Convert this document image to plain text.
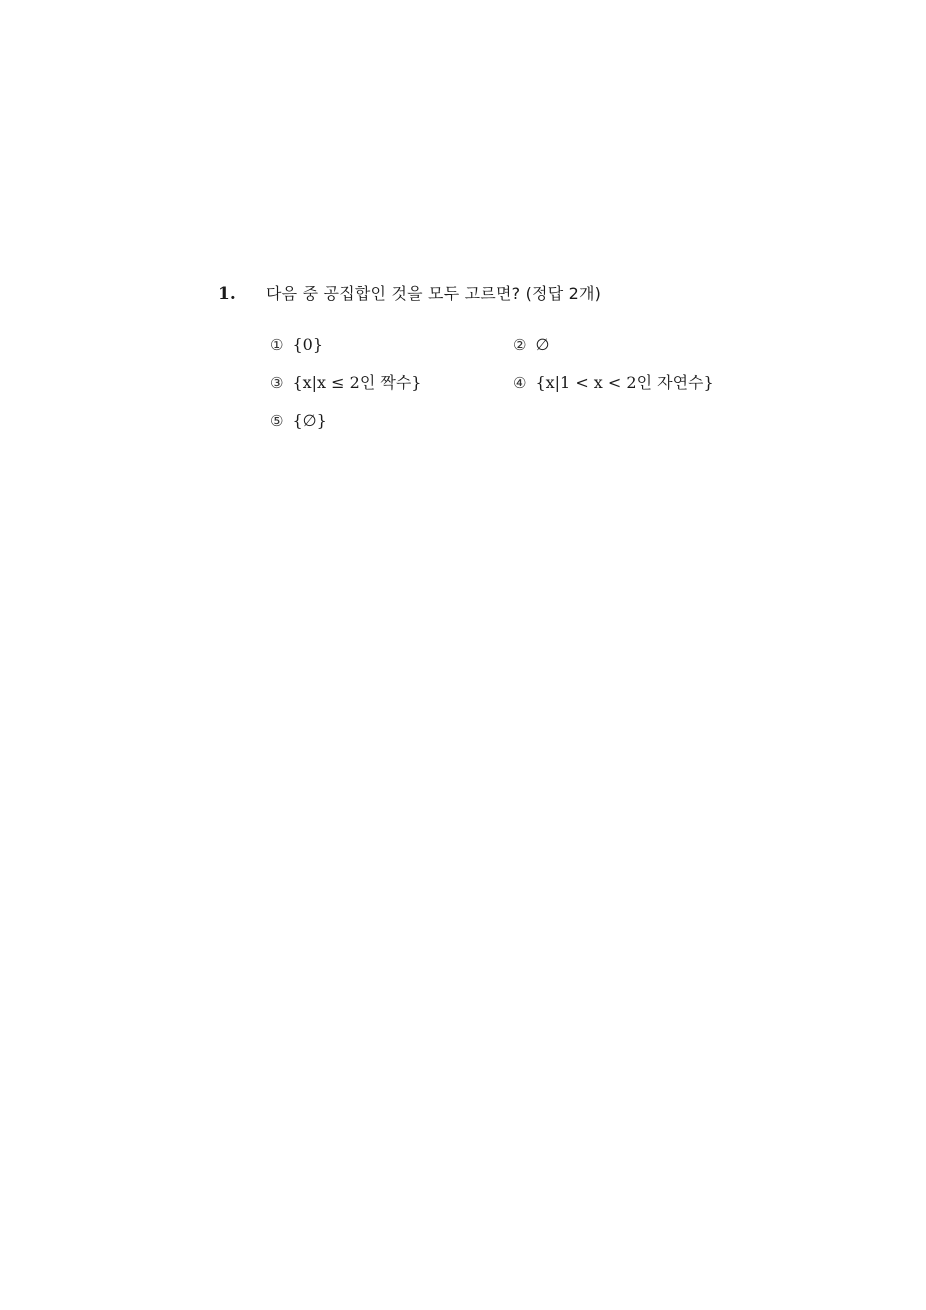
1.	다음 중 공집합인 것을 모두 고르면? (정답 2개)
① {0}	② ∅
③ {x|x ≤ 2인 짝수}	④ {x|1 < x < 2인 자연수}
⑤ {∅}
